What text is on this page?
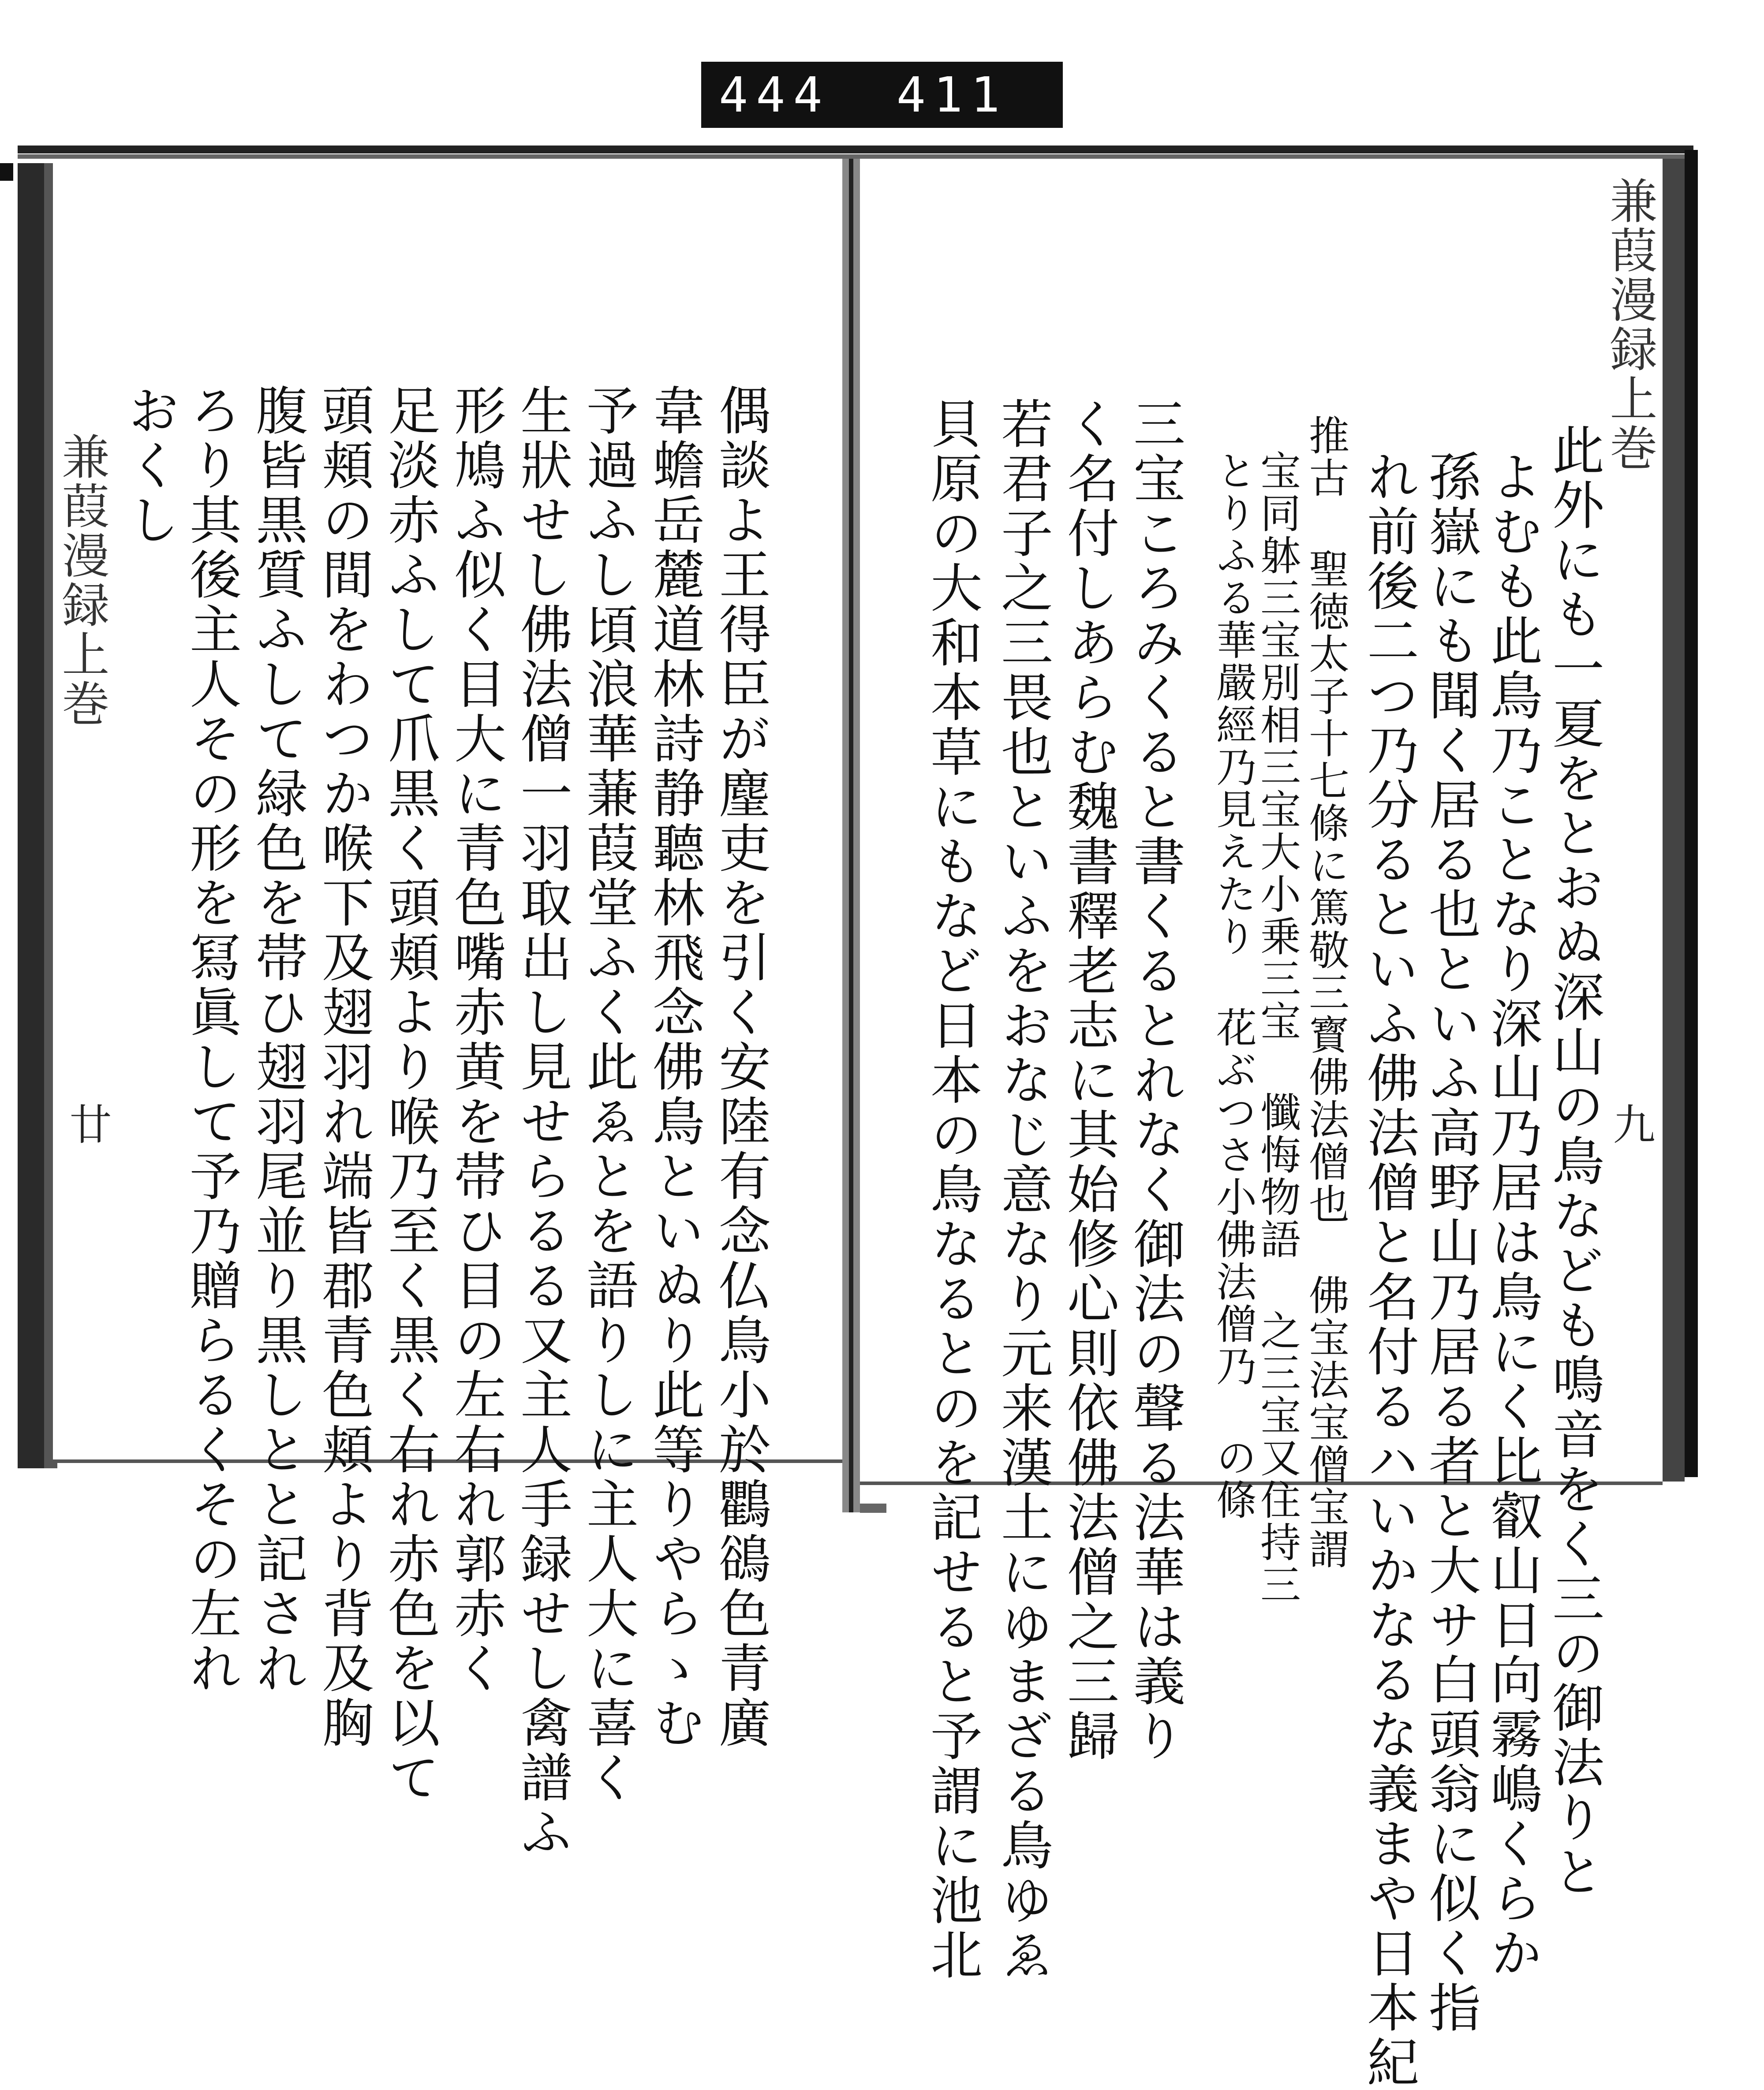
444 411
兼葭漫録上巻
九
此外にも一夏をとおぬ深山の鳥なども鳴音をく三の御法りと
よむも此鳥乃ことなり深山乃居は鳥にく比叡山日向霧嶋くらか
孫嶽にも聞く居る也といふ高野山乃居る者と大サ白頭翁に似く指
れ前後二つ乃分るといふ佛法僧と名付るハいかなるな義まや日本紀
推古 聖徳太子十七條に篤敬三寳佛法僧也 佛宝法宝僧宝謂
宝同躰三宝別相三宝大小乗三宝 懺悔物語 之三宝又住持三
とりふる華嚴經乃見えたり 花ぶつさ小佛法僧乃 の條
三宝ころみくると書くるとれなく御法の聲る法華は義り
く名付しあらむ魏書釋老志に其始修心則依佛法僧之三歸
若君子之三畏也といふをおなじ意なり元来漢土にゆまざる鳥ゆゑ
貝原の大和本草にもなど日本の鳥なるとのを記せると予謂に池北
兼葭漫録上巻
廿	偶談よ王得臣が麈吏を引く安陸有念仏鳥小於鸜鵒色青廣
韋蟾岳麓道林詩静聽林飛念佛鳥といぬり此等りやらゝむ
予過ふし頃浪華蒹葭堂ふく此ゑとを語りしに主人大に喜く
生狀せし佛法僧一羽取出し見せらるる又主人手録せし禽譜ふ
形鳩ふ似く目大に青色嘴赤黄を帯ひ目の左右れ郭赤く
足淡赤ふして爪黒く頭頬より喉乃至く黒く右れ赤色を以て
頭頬の間をわつか喉下及翅羽れ端皆郡青色頬より背及胸
腹皆黒質ふして緑色を帯ひ翅羽尾並り黒しとと記され
ろり其後主人その形を冩眞して予乃贈らるくその左れ
おくし
